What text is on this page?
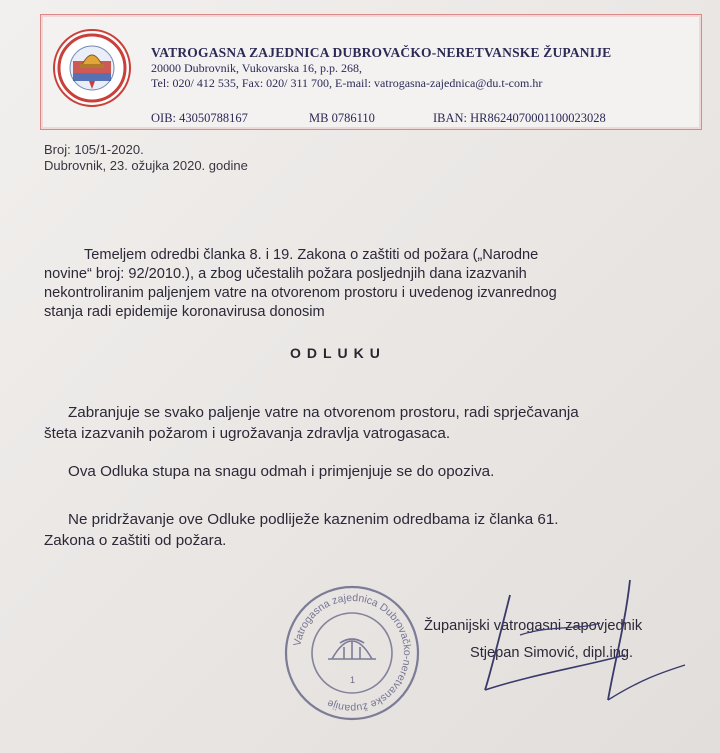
VATROGASNA ZAJEDNICA DUBROVAČKO-NERETVANSKE ŽUPANIJE
20000 Dubrovnik, Vukovarska 16, p.p. 268,
Tel: 020/ 412 535, Fax: 020/ 311 700, E-mail: vatrogasna-zajednica@du.t-com.hr
OIB: 43050788167	MB 0786110	IBAN: HR8624070001100023028
Broj: 105/1-2020.
Dubrovnik, 23. ožujka 2020. godine
Temeljem odredbi članka 8. i 19. Zakona o zaštiti od požara („Narodne
novine“ broj: 92/2010.), a zbog učestalih požara posljednjih dana izazvanih
nekontroliranim paljenjem vatre na otvorenom prostoru i uvedenog izvanrednog
stanja radi epidemije koronavirusa donosim
ODLUKU
Zabranjuje se svako paljenje vatre na otvorenom prostoru, radi sprječavanja
šteta izazvanih požarom i ugrožavanja zdravlja vatrogasaca.
Ova Odluka stupa na snagu odmah i primjenjuje se do opoziva.
Ne pridržavanje ove Odluke podliježe kaznenim odredbama iz članka 61.
Zakona o zaštiti od požara.
Vatrogasna zajednica Dubrovačko-neretvanske županije
1
Županijski vatrogasni zapovjednik
Stjepan Simović, dipl.ing.
